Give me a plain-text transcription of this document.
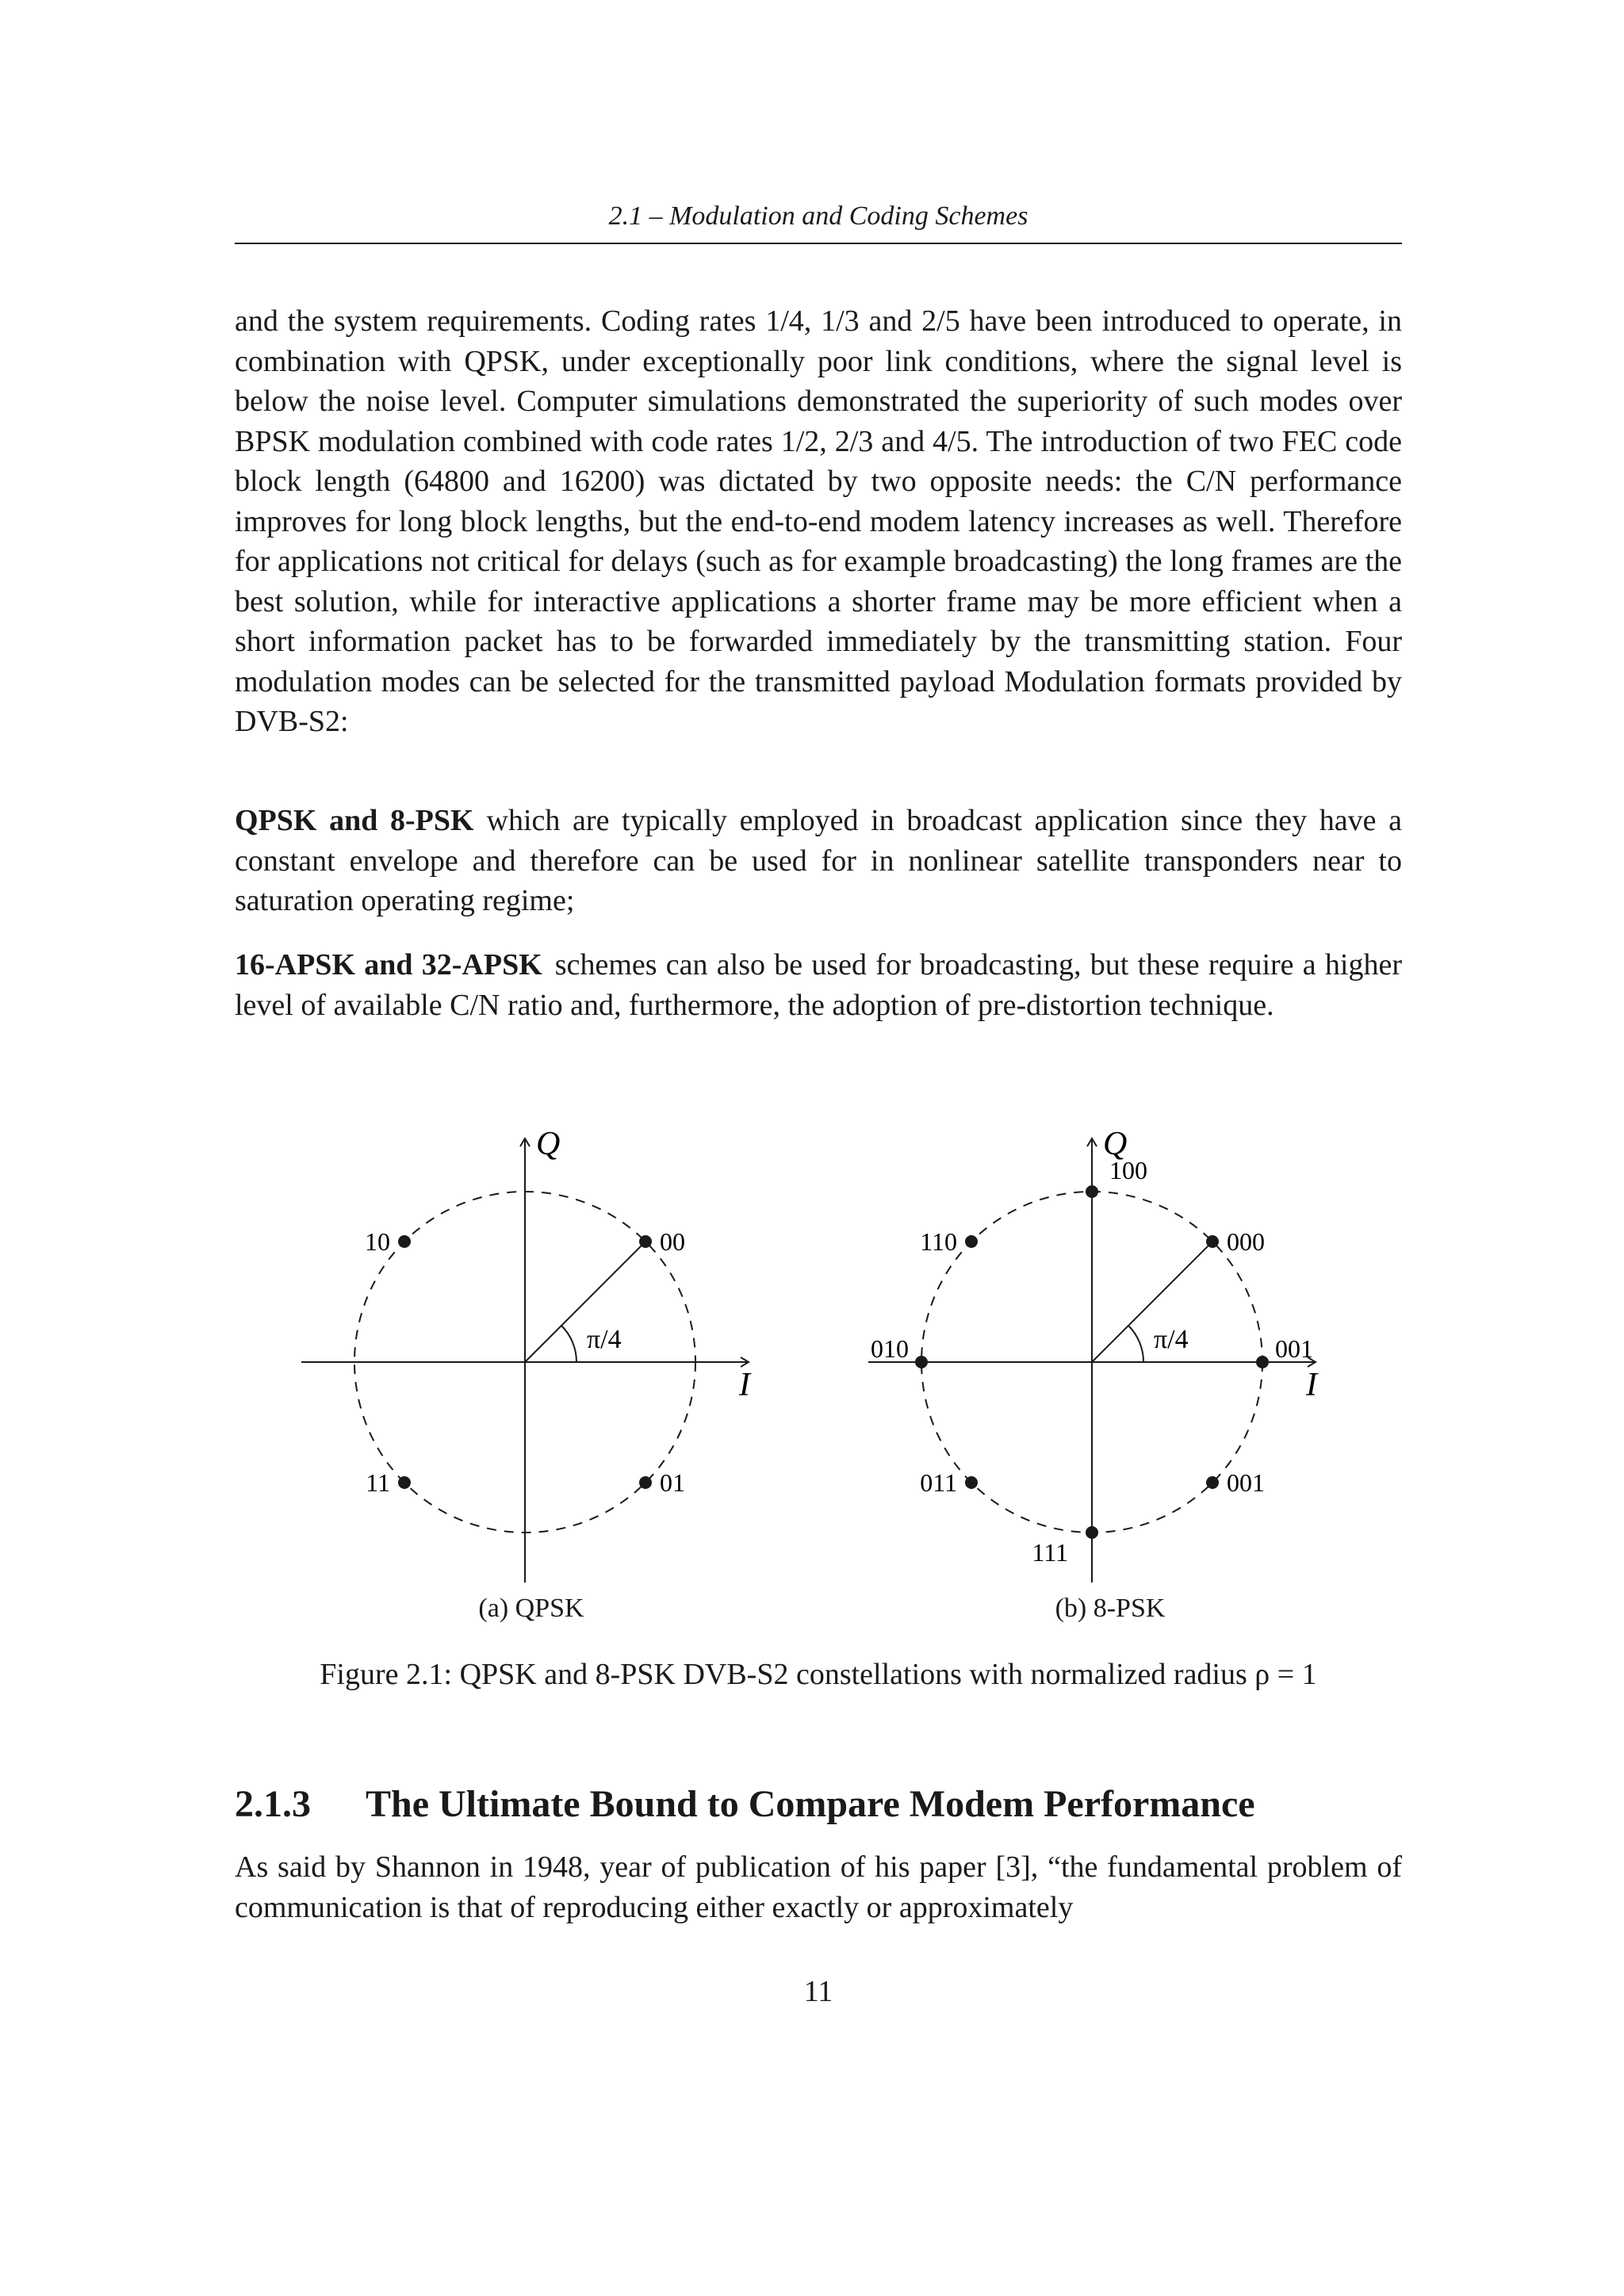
2.1 – Modulation and Coding Schemes
and the system requirements. Coding rates 1/4, 1/3 and 2/5 have been introduced to operate, in combination with QPSK, under exceptionally poor link conditions, where the signal level is below the noise level. Computer simulations demonstrated the superiority of such modes over BPSK modulation combined with code rates 1/2, 2/3 and 4/5. The introduction of two FEC code block length (64800 and 16200) was dictated by two opposite needs: the C/N performance improves for long block lengths, but the end-to-end modem latency increases as well. Therefore for applications not critical for delays (such as for example broadcasting) the long frames are the best solution, while for interactive applications a shorter frame may be more efficient when a short information packet has to be forwarded immediately by the transmitting station. Four modulation modes can be selected for the transmitted payload Modulation formats provided by DVB-S2:
QPSK and 8-PSK which are typically employed in broadcast application since they have a constant envelope and therefore can be used for in nonlinear satellite transponders near to saturation operating regime;
16-APSK and 32-APSK schemes can also be used for broadcasting, but these require a higher level of available C/N ratio and, furthermore, the adoption of pre-distortion technique.
π/4
I
Q
00
10
11	01
π/4
I
Q
001
000
100
110
010
011
111
001
(a) QPSK	(b) 8-PSK
Figure 2.1: QPSK and 8-PSK DVB-S2 constellations with normalized radius ρ = 1
2.1.3	The Ultimate Bound to Compare Modem Performance
As said by Shannon in 1948, year of publication of his paper [3], “the fundamental problem of communication is that of reproducing either exactly or approximately
11
